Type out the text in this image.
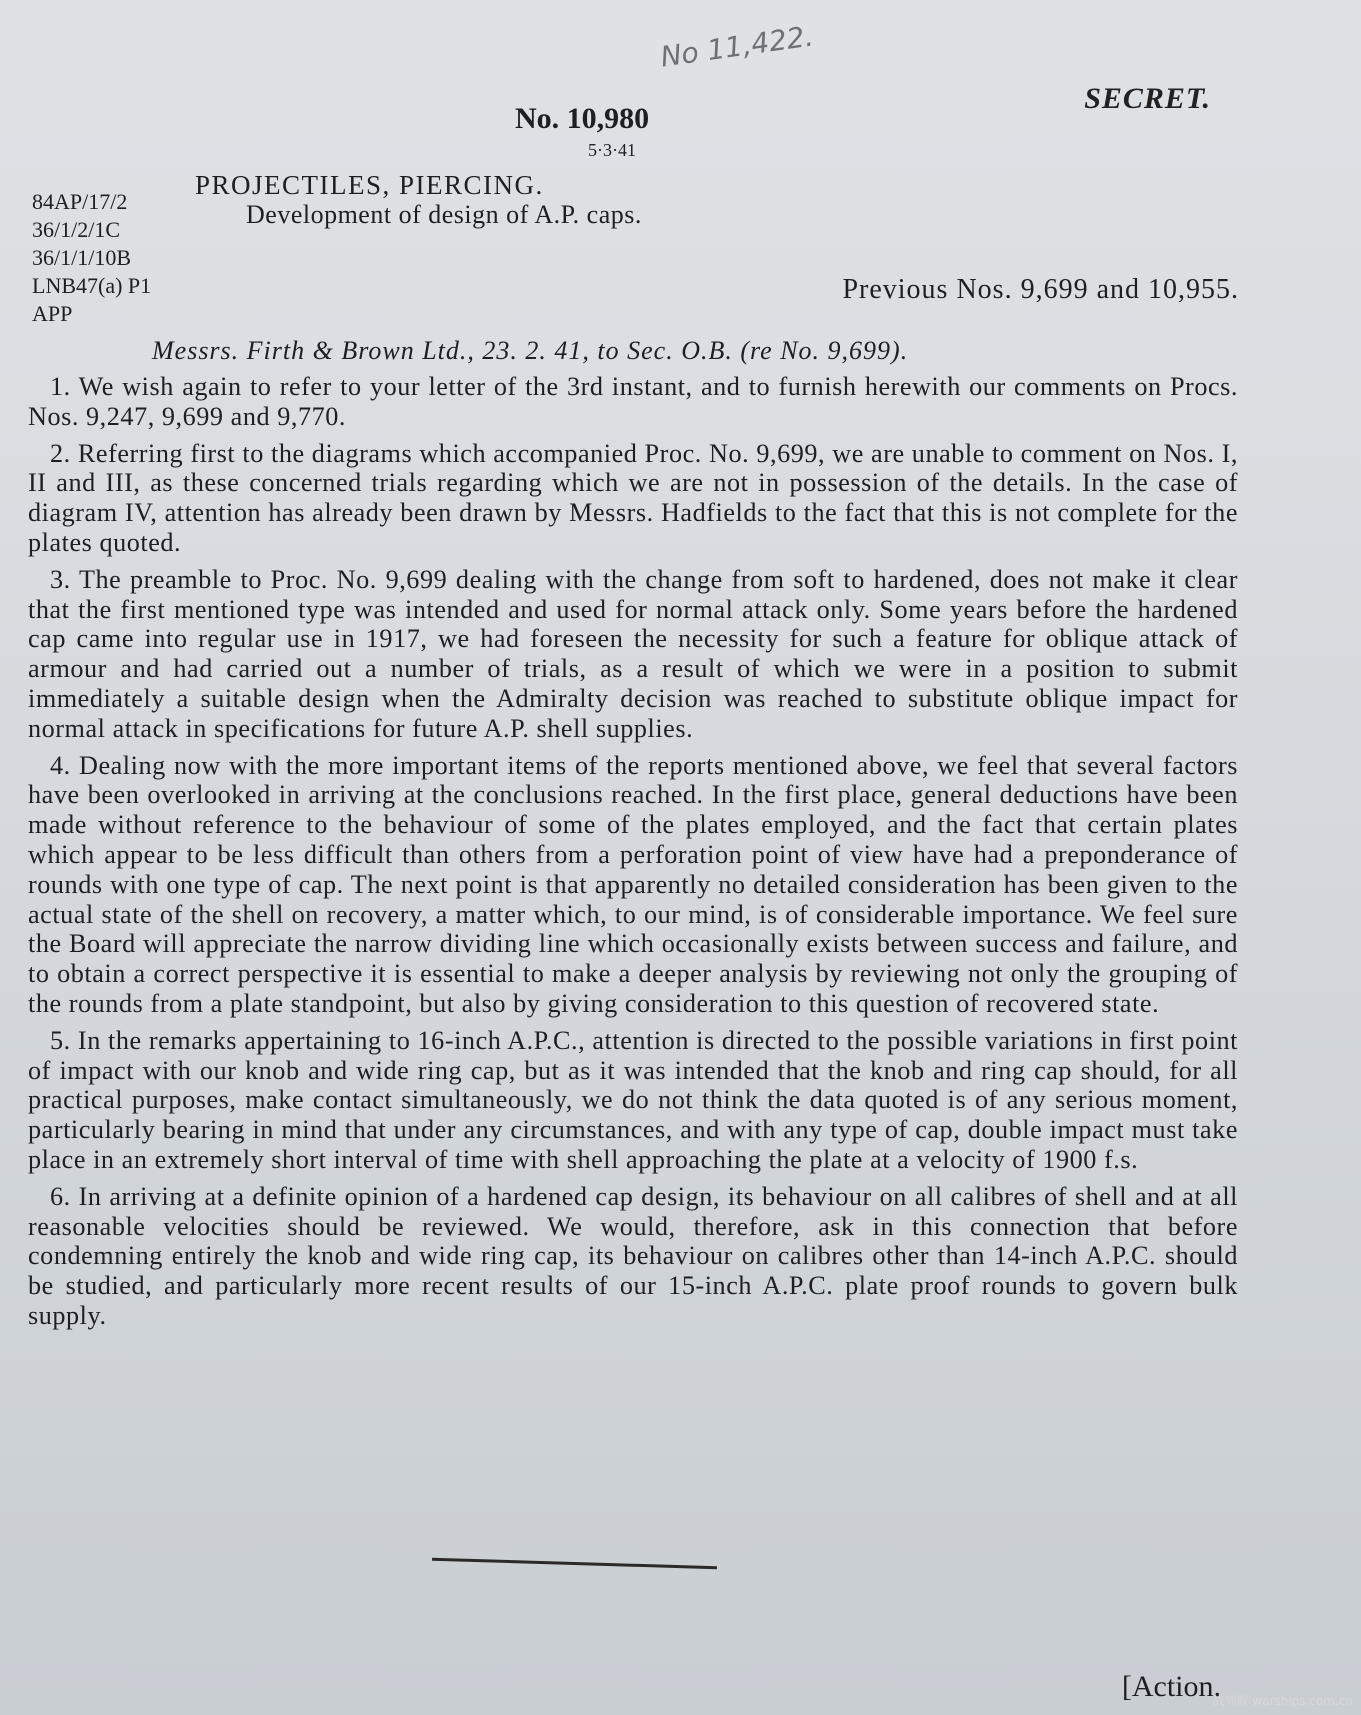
No 11,422.
SECRET.
No. 10,980
5·3·41
84AP/17/2
36/1/2/1C
36/1/1/10B
LNB47(a) P1
APP
PROJECTILES, PIERCING.
Development of design of A.P. caps.
Previous Nos. 9,699 and 10,955.
Messrs. Firth & Brown Ltd., 23. 2. 41, to Sec. O.B. (re No. 9,699).

1. We wish again to refer to your letter of the 3rd instant, and to furnish herewith our comments on Procs. Nos. 9,247, 9,699 and 9,770.

2. Referring first to the diagrams which accompanied Proc. No. 9,699, we are unable to comment on Nos. I, II and III, as these concerned trials regarding which we are not in possession of the details. In the case of diagram IV, attention has already been drawn by Messrs. Hadfields to the fact that this is not complete for the plates quoted.

3. The preamble to Proc. No. 9,699 dealing with the change from soft to hardened, does not make it clear that the first mentioned type was intended and used for normal attack only. Some years before the hardened cap came into regular use in 1917, we had foreseen the necessity for such a feature for oblique attack of armour and had carried out a number of trials, as a result of which we were in a position to submit immediately a suitable design when the Admiralty decision was reached to substitute oblique impact for normal attack in specifications for future A.P. shell supplies.

4. Dealing now with the more important items of the reports mentioned above, we feel that several factors have been overlooked in arriving at the conclusions reached. In the first place, general deductions have been made without reference to the behaviour of some of the plates employed, and the fact that certain plates which appear to be less difficult than others from a perforation point of view have had a preponderance of rounds with one type of cap. The next point is that apparently no detailed consideration has been given to the actual state of the shell on recovery, a matter which, to our mind, is of considerable importance. We feel sure the Board will appreciate the narrow dividing line which occasionally exists between success and failure, and to obtain a correct perspective it is essential to make a deeper analysis by reviewing not only the grouping of the rounds from a plate standpoint, but also by giving consideration to this question of recovered state.

5. In the remarks appertaining to 16-inch A.P.C., attention is directed to the possible variations in first point of impact with our knob and wide ring cap, but as it was intended that the knob and ring cap should, for all practical purposes, make contact simultaneously, we do not think the data quoted is of any serious moment, particularly bearing in mind that under any circumstances, and with any type of cap, double impact must take place in an extremely short interval of time with shell approaching the plate at a velocity of 1900 f.s.

6. In arriving at a definite opinion of a hardened cap design, its behaviour on all calibres of shell and at all reasonable velocities should be reviewed. We would, therefore, ask in this connection that before condemning entirely the knob and wide ring cap, its behaviour on calibres other than 14-inch A.P.C. should be studied, and particularly more recent results of our 15-inch A.P.C. plate proof rounds to govern bulk supply.

[Action.
战列舰 warships.com.cn
